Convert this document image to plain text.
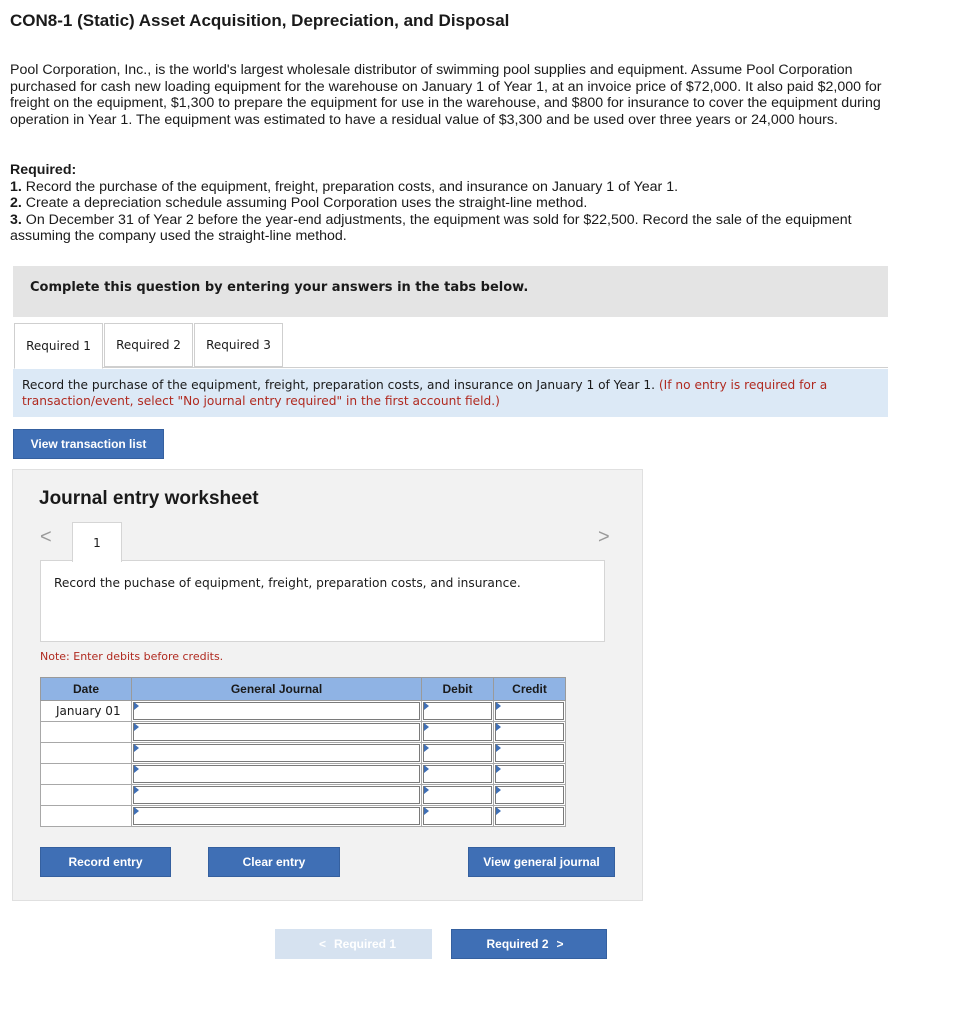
CON8-1 (Static) Asset Acquisition, Depreciation, and Disposal
Pool Corporation, Inc., is the world's largest wholesale distributor of swimming pool supplies and equipment. Assume Pool Corporation purchased for cash new loading equipment for the warehouse on January 1 of Year 1, at an invoice price of $72,000. It also paid $2,000 for freight on the equipment, $1,300 to prepare the equipment for use in the warehouse, and $800 for insurance to cover the equipment during operation in Year 1. The equipment was estimated to have a residual value of $3,300 and be used over three years or 24,000 hours.
Required:
1. Record the purchase of the equipment, freight, preparation costs, and insurance on January 1 of Year 1.
2. Create a depreciation schedule assuming Pool Corporation uses the straight-line method.
3. On December 31 of Year 2 before the year-end adjustments, the equipment was sold for $22,500. Record the sale of the equipment assuming the company used the straight-line method.
Complete this question by entering your answers in the tabs below.
Required 1	Required 2	Required 3
Record the purchase of the equipment, freight, preparation costs, and insurance on January 1 of Year 1. (If no entry is required for a transaction/event, select "No journal entry required" in the first account field.)
View transaction list
Journal entry worksheet
<	>
1
Record the puchase of equipment, freight, preparation costs, and insurance.
Note: Enter debits before credits.
Date	General Journal	Debit	Credit
January 01	

Record entry	Clear entry	View general journal
< Required 1	Required 2 >
